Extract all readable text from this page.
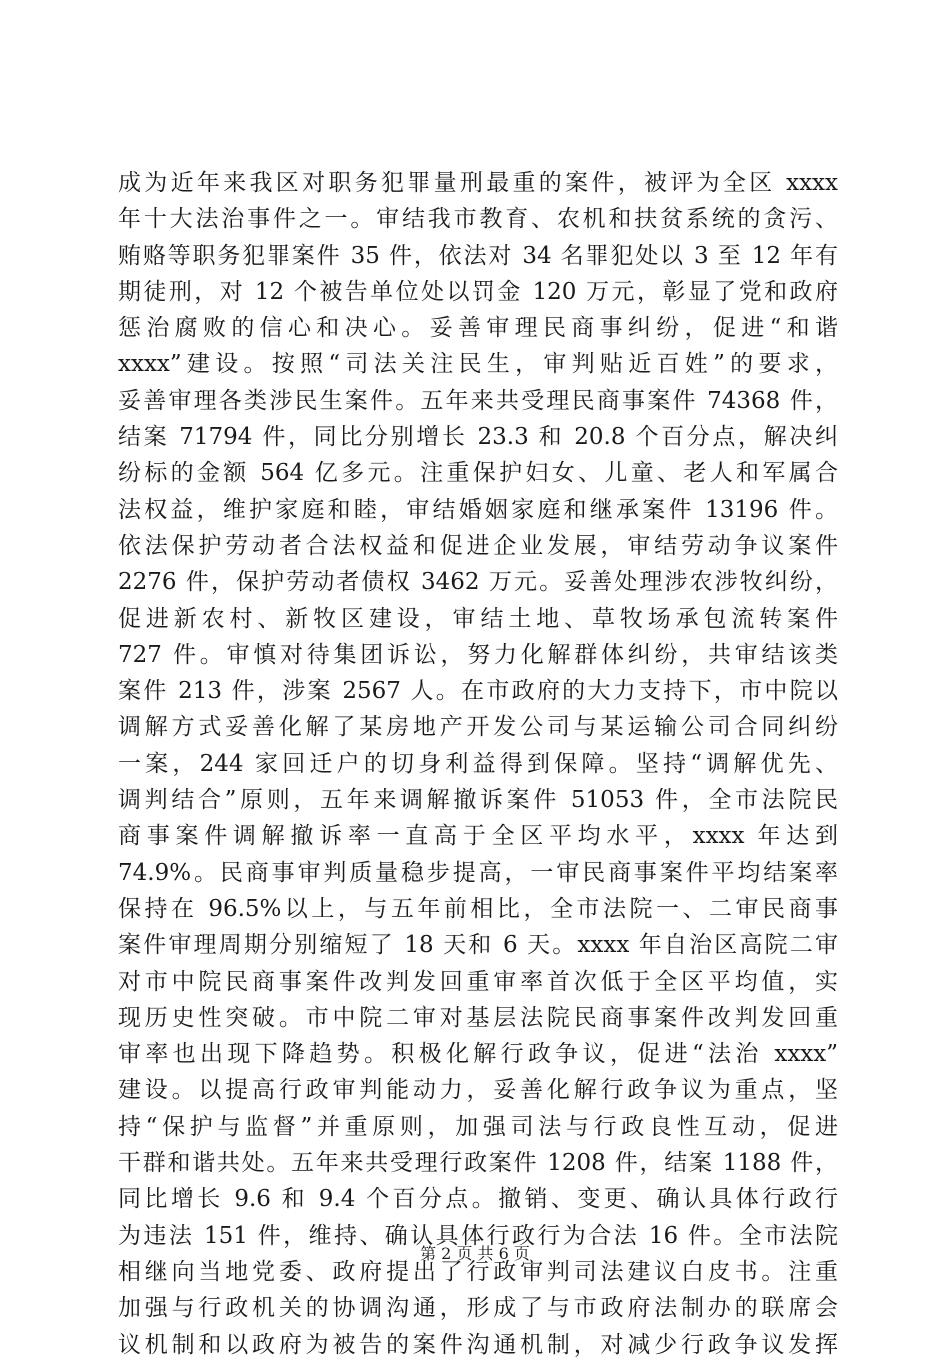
成为近年来我区对职务犯罪量刑最重的案件，被评为全区 xxxx
年十大法治事件之一。审结我市教育、农机和扶贫系统的贪污、
贿赂等职务犯罪案件 35 件，依法对 34 名罪犯处以 3 至 12 年有
期徒刑，对 12 个被告单位处以罚金 120 万元，彰显了党和政府
惩治腐败的信心和决心。妥善审理民商事纠纷，促进“和谐
xxxx”建设。按照“司法关注民生，审判贴近百姓”的要求，
妥善审理各类涉民生案件。五年来共受理民商事案件 74368 件，
结案 71794 件，同比分别增长 23.3 和 20.8 个百分点，解决纠
纷标的金额 564 亿多元。注重保护妇女、儿童、老人和军属合
法权益，维护家庭和睦，审结婚姻家庭和继承案件 13196 件。
依法保护劳动者合法权益和促进企业发展，审结劳动争议案件
2276 件，保护劳动者债权 3462 万元。妥善处理涉农涉牧纠纷，
促进新农村、新牧区建设，审结土地、草牧场承包流转案件
727 件。审慎对待集团诉讼，努力化解群体纠纷，共审结该类
案件 213 件，涉案 2567 人。在市政府的大力支持下，市中院以
调解方式妥善化解了某房地产开发公司与某运输公司合同纠纷
一案，244 家回迁户的切身利益得到保障。坚持“调解优先、
调判结合”原则，五年来调解撤诉案件 51053 件，全市法院民
商事案件调解撤诉率一直高于全区平均水平，xxxx 年达到
74.9%。民商事审判质量稳步提高，一审民商事案件平均结案率
保持在 96.5%以上，与五年前相比，全市法院一、二审民商事
案件审理周期分别缩短了 18 天和 6 天。xxxx 年自治区高院二审
对市中院民商事案件改判发回重审率首次低于全区平均值，实
现历史性突破。市中院二审对基层法院民商事案件改判发回重
审率也出现下降趋势。积极化解行政争议，促进“法治 xxxx”
建设。以提高行政审判能动力，妥善化解行政争议为重点，坚
持“保护与监督”并重原则，加强司法与行政良性互动，促进
干群和谐共处。五年来共受理行政案件 1208 件，结案 1188 件，
同比增长 9.6 和 9.4 个百分点。撤销、变更、确认具体行政行
为违法 151 件，维持、确认具体行政行为合法 16 件。全市法院
相继向当地党委、政府提出了行政审判司法建议白皮书。注重
加强与行政机关的协调沟通，形成了与市政府法制办的联席会
议机制和以政府为被告的案件沟通机制，对减少行政争议发挥
第 2 页 共 6 页
